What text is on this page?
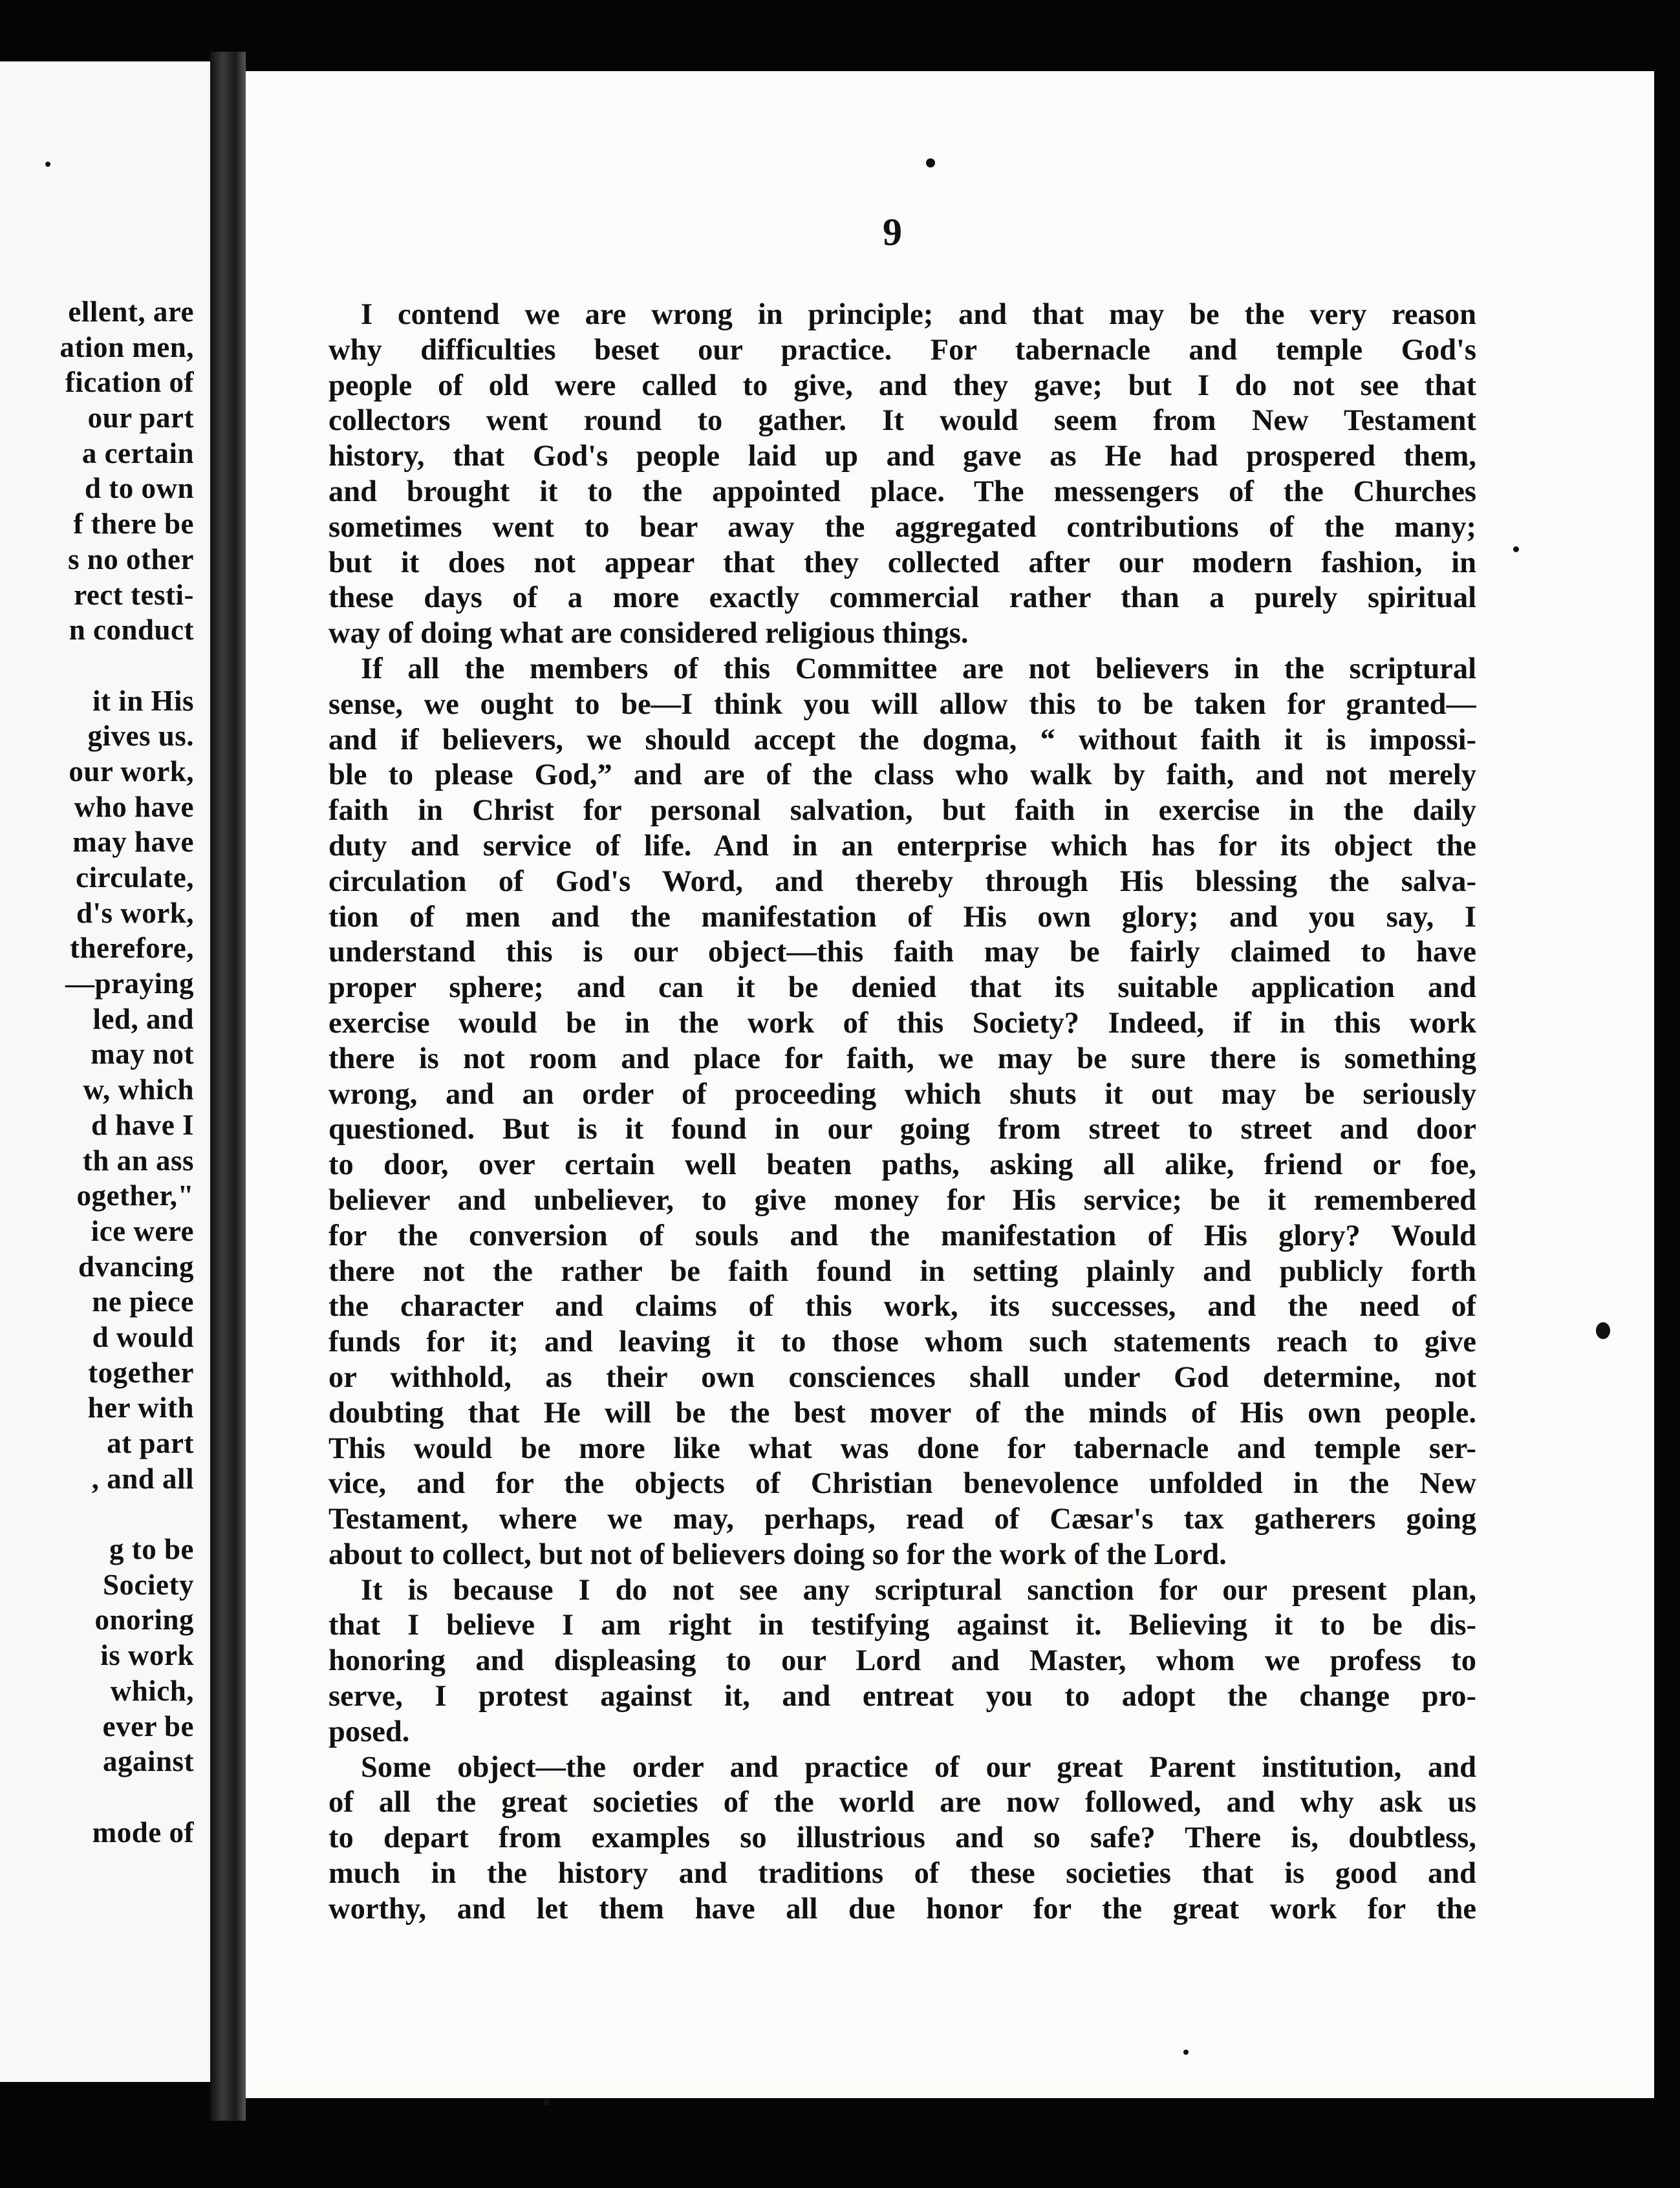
ellent, are
ation men,
fication of
our part
a certain
d to own
f there be
s no other
rect testi-
n conduct

it in His
gives us.
our work,
who have
may have
circulate,
d's work,
therefore,
—praying
led, and
may not
w, which
d have I
th an ass
ogether,"
ice were
dvancing
ne piece
d would
together
her with
at part
, and all

g to be
Society
onoring
is work
which,
ever be
against

mode of
9
I contend we are wrong in principle; and that may be the very reason
why difficulties beset our practice. For tabernacle and temple God's
people of old were called to give, and they gave; but I do not see that
collectors went round to gather. It would seem from New Testament
history, that God's people laid up and gave as He had prospered them,
and brought it to the appointed place. The messengers of the Churches
sometimes went to bear away the aggregated contributions of the many;
but it does not appear that they collected after our modern fashion, in
these days of a more exactly commercial rather than a purely spiritual
way of doing what are considered religious things.
If all the members of this Committee are not believers in the scriptural
sense, we ought to be—I think you will allow this to be taken for granted—
and if believers, we should accept the dogma, “ without faith it is impossi-
ble to please God,” and are of the class who walk by faith, and not merely
faith in Christ for personal salvation, but faith in exercise in the daily
duty and service of life. And in an enterprise which has for its object the
circulation of God's Word, and thereby through His blessing the salva-
tion of men and the manifestation of His own glory; and you say, I
understand this is our object—this faith may be fairly claimed to have
proper sphere; and can it be denied that its suitable application and
exercise would be in the work of this Society? Indeed, if in this work
there is not room and place for faith, we may be sure there is something
wrong, and an order of proceeding which shuts it out may be seriously
questioned. But is it found in our going from street to street and door
to door, over certain well beaten paths, asking all alike, friend or foe,
believer and unbeliever, to give money for His service; be it remembered
for the conversion of souls and the manifestation of His glory? Would
there not the rather be faith found in setting plainly and publicly forth
the character and claims of this work, its successes, and the need of
funds for it; and leaving it to those whom such statements reach to give
or withhold, as their own consciences shall under God determine, not
doubting that He will be the best mover of the minds of His own people.
This would be more like what was done for tabernacle and temple ser-
vice, and for the objects of Christian benevolence unfolded in the New
Testament, where we may, perhaps, read of Cæsar's tax gatherers going
about to collect, but not of believers doing so for the work of the Lord.
It is because I do not see any scriptural sanction for our present plan,
that I believe I am right in testifying against it. Believing it to be dis-
honoring and displeasing to our Lord and Master, whom we profess to
serve, I protest against it, and entreat you to adopt the change pro-
posed.
Some object—the order and practice of our great Parent institution, and
of all the great societies of the world are now followed, and why ask us
to depart from examples so illustrious and so safe? There is, doubtless,
much in the history and traditions of these societies that is good and
worthy, and let them have all due honor for the great work for the
